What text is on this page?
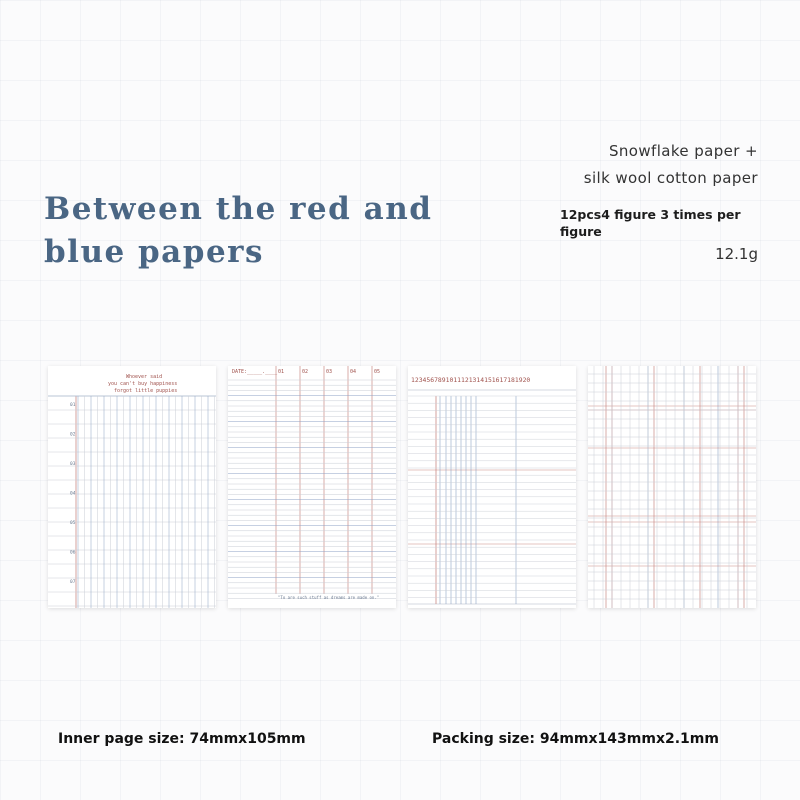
Between the red and
blue papers
Snowflake paper +
silk wool cotton paper
12pcs4 figure 3 times per figure
12.1g
Whoever said
you can't buy happiness
forgot little puppies
01
02
03
04
05
06
07
DATE:_____.____
"To are such stuff as dreams are made on."
01	02	03	04	05
1234567891011121314151617181920
Inner page size: 74mmx105mm	Packing size: 94mmx143mmx2.1mm
